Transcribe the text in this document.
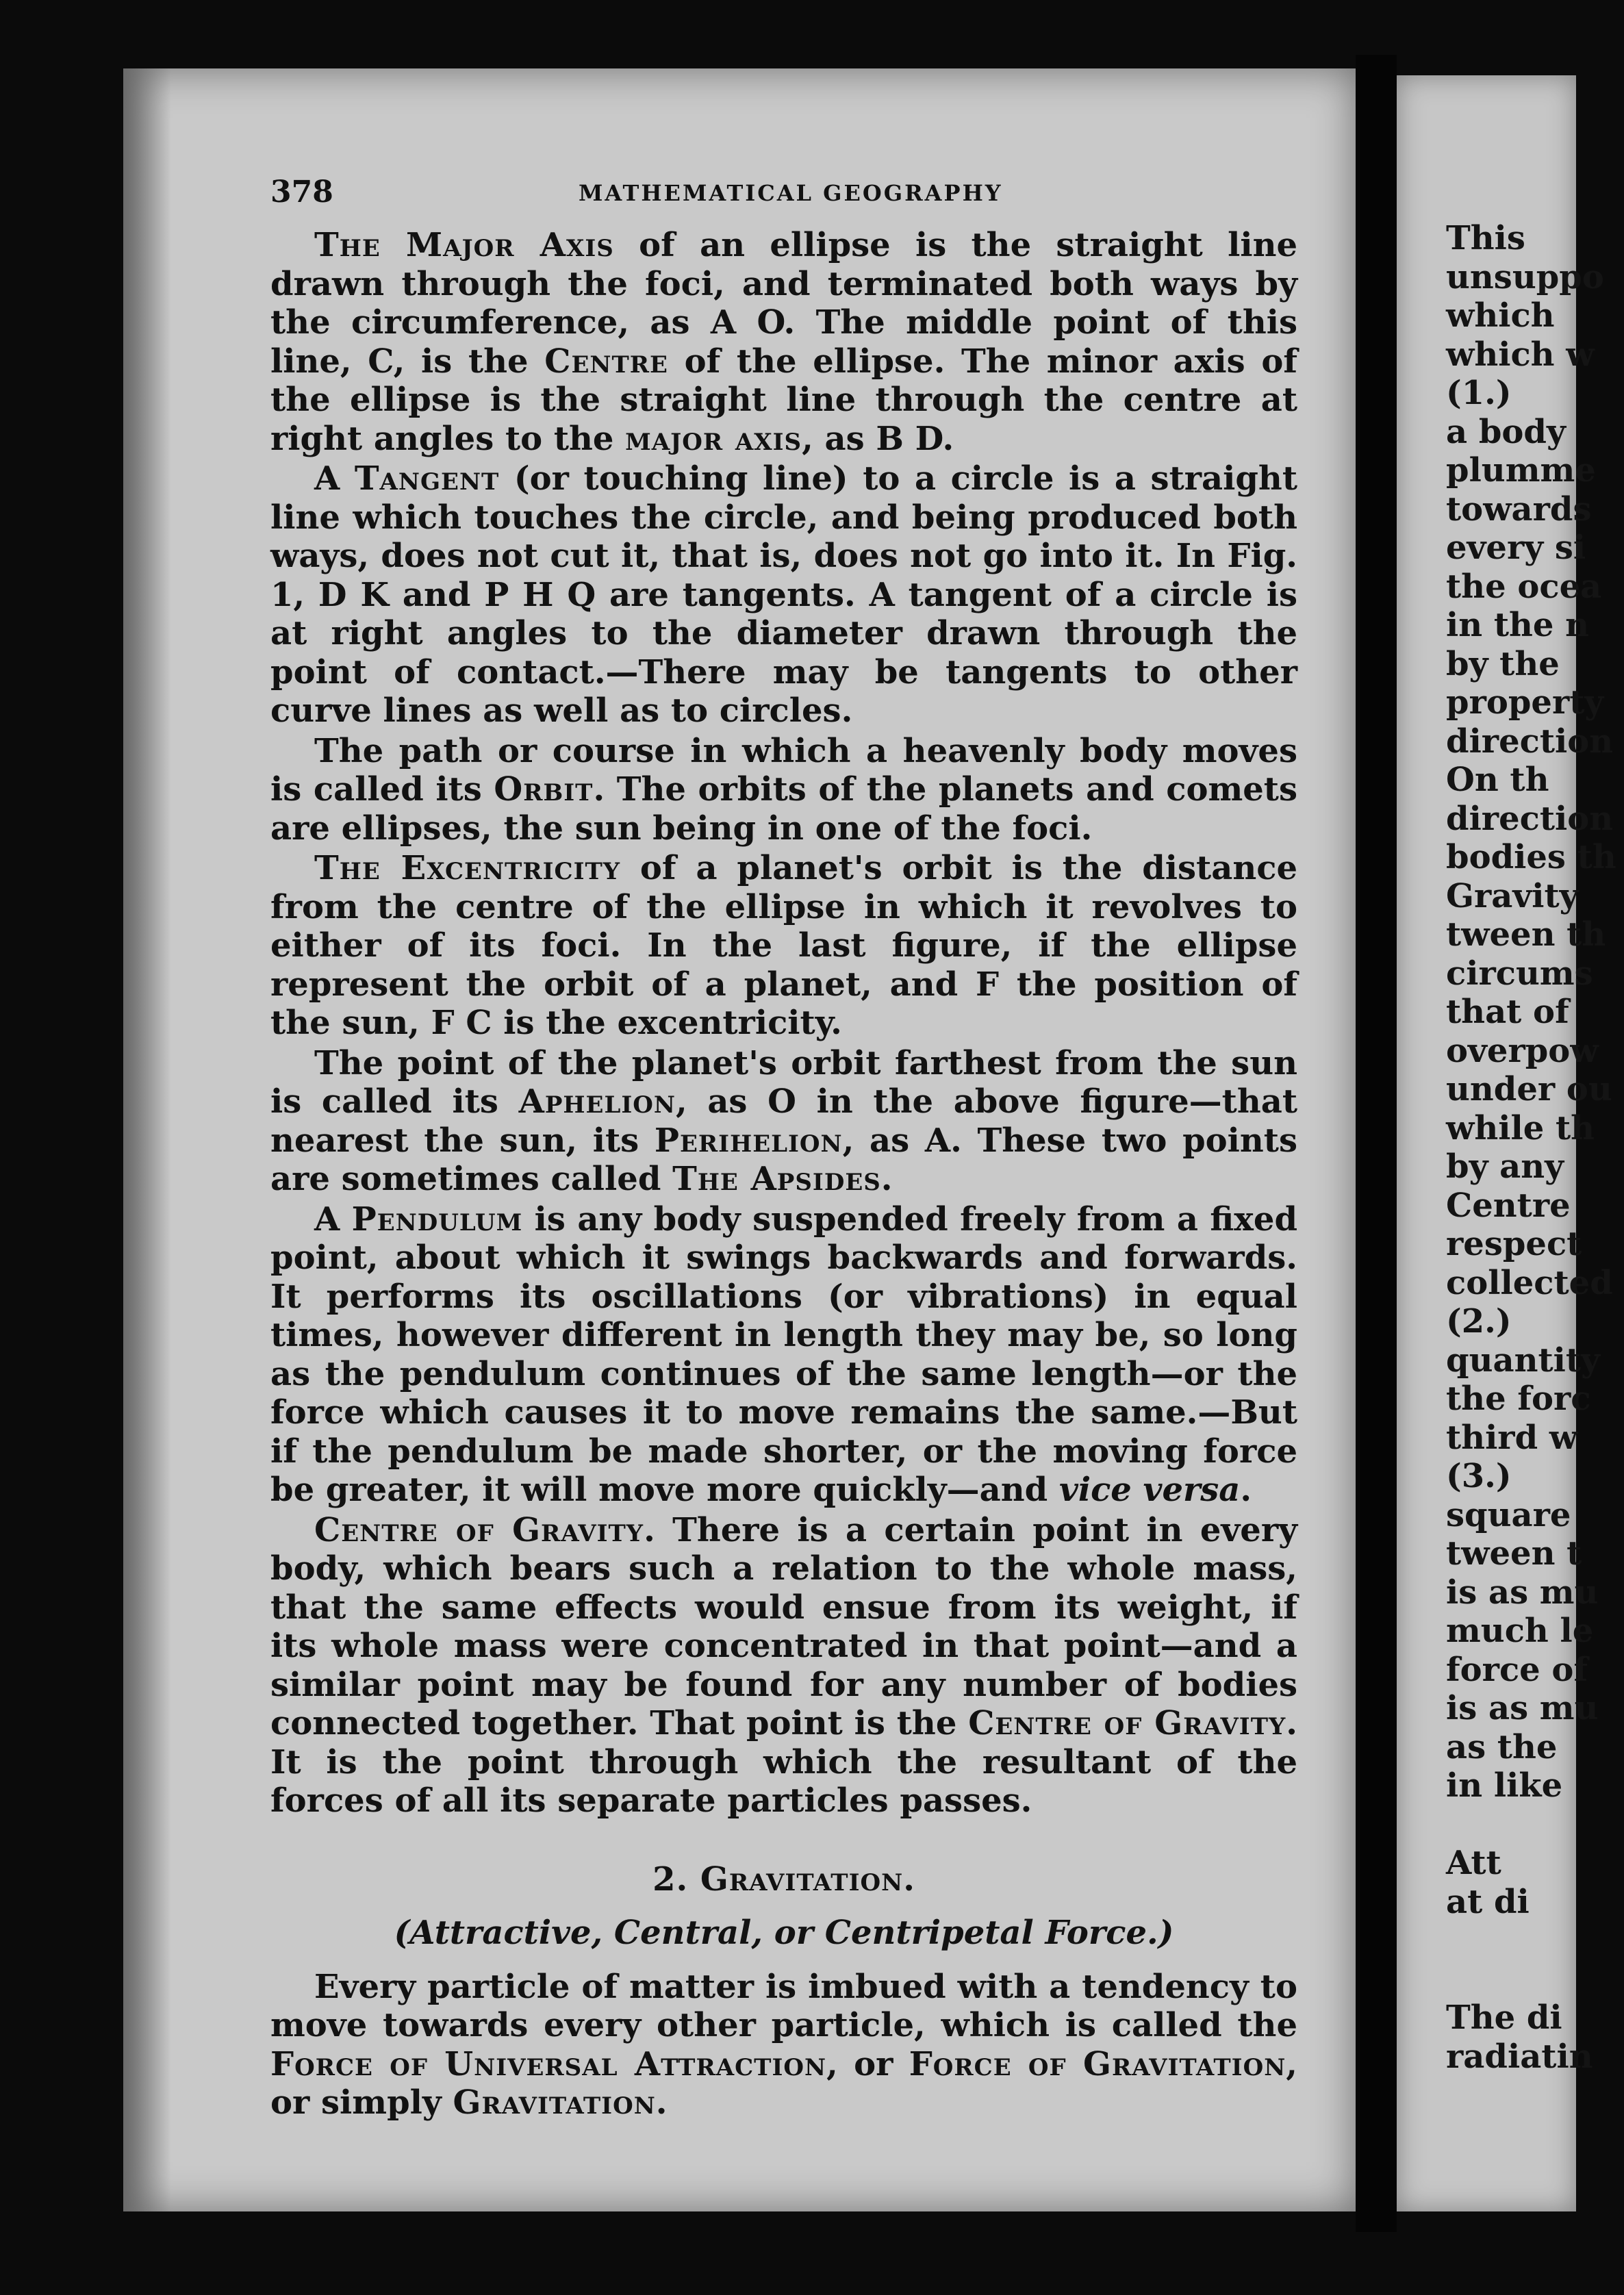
This
unsuppo
which
which w
(1.)
a body
plumme
towards
every si
the ocea
in the n
by the
property
direction
On th
direction
bodies th
Gravity
tween th
circums
that of
overpow
under ou
while th
by any
Centre
respect
collected
(2.)
quantity
the forc
third w
(3.)
square
tween t
is as mu
much le
force of
is as mu
as the
in like
Att
at di
The di
radiatin
378	MATHEMATICAL GEOGRAPHY

The Major Axis of an ellipse is the straight line drawn through the foci, and terminated both ways by the circumference, as A O. The middle point of this line, C, is the Centre of the ellipse. The minor axis of the ellipse is the straight line through the centre at right angles to the major axis, as B D.

A Tangent (or touching line) to a circle is a straight line which touches the circle, and being produced both ways, does not cut it, that is, does not go into it. In Fig. 1, D K and P H Q are tangents. A tangent of a circle is at right angles to the diameter drawn through the point of contact.—There may be tangents to other curve lines as well as to circles.

The path or course in which a heavenly body moves is called its Orbit. The orbits of the planets and comets are ellipses, the sun being in one of the foci.

The Excentricity of a planet's orbit is the distance from the centre of the ellipse in which it revolves to either of its foci. In the last figure, if the ellipse represent the orbit of a planet, and F the position of the sun, F C is the excentricity.

The point of the planet's orbit farthest from the sun is called its Aphelion, as O in the above figure—that nearest the sun, its Perihelion, as A. These two points are sometimes called The Apsides.

A Pendulum is any body suspended freely from a fixed point, about which it swings backwards and forwards. It performs its oscillations (or vibrations) in equal times, however different in length they may be, so long as the pendulum continues of the same length—or the force which causes it to move remains the same.—But if the pendulum be made shorter, or the moving force be greater, it will move more quickly—and vice versa.

Centre of Gravity. There is a certain point in every body, which bears such a relation to the whole mass, that the same effects would ensue from its weight, if its whole mass were concentrated in that point—and a similar point may be found for any number of bodies connected together. That point is the Centre of Gravity. It is the point through which the resultant of the forces of all its separate particles passes.

2. Gravitation.

(Attractive, Central, or Centripetal Force.)

Every particle of matter is imbued with a tendency to move towards every other particle, which is called the Force of Universal Attraction, or Force of Gravitation, or simply Gravitation.
